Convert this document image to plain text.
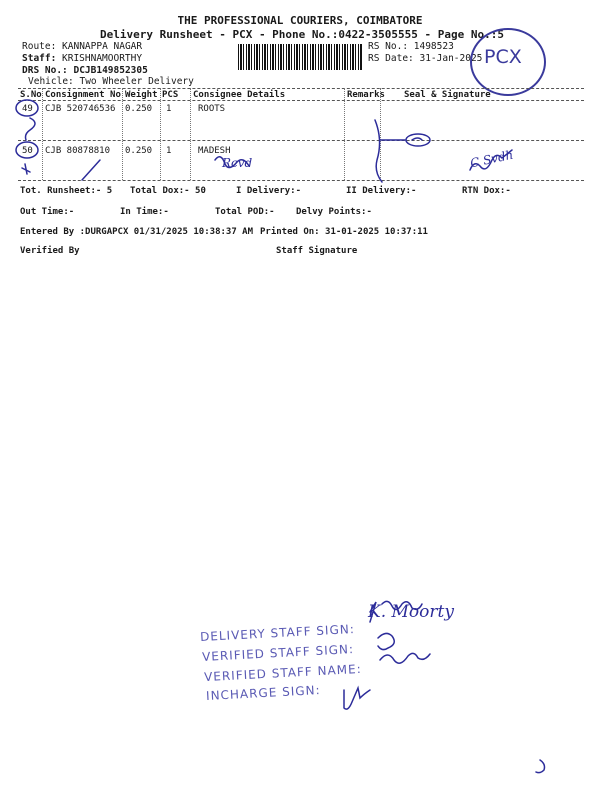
THE PROFESSIONAL COURIERS, COIMBATORE
Delivery Runsheet - PCX - Phone No.:0422-3505555 - Page No.:5
Route: KANNAPPA NAGAR
Staff: KRISHNAMOORTHY
DRS No.: DCJB149852305
Vehicle: Two Wheeler Delivery
RS No.: 1498523
RS Date: 31-Jan-2025 PCX
S.No Consignment No Weight PCS Consignee Details	Remarks Seal & Signature
49 CJB 520746536 0.250 1	ROOTS
50 CJB 80878810 0.250 1	MADESH
Tot. Runsheet:- 5 Total Dox:- 50	I Delivery:-	II Delivery:-	RTN Dox:-
Out Time:-	In Time:-	Total POD:- Delvy Points:-
Entered By :DURGAPCX 01/31/2025 10:38:37 AM Printed On: 31-01-2025 10:37:11
Verified By	Staff Signature
DELIVERY STAFF SIGN:
VERIFIED STAFF SIGN:
VERIFIED STAFF NAME:
INCHARGE SIGN:
K. Moorty
Rcvd	C Svdh
